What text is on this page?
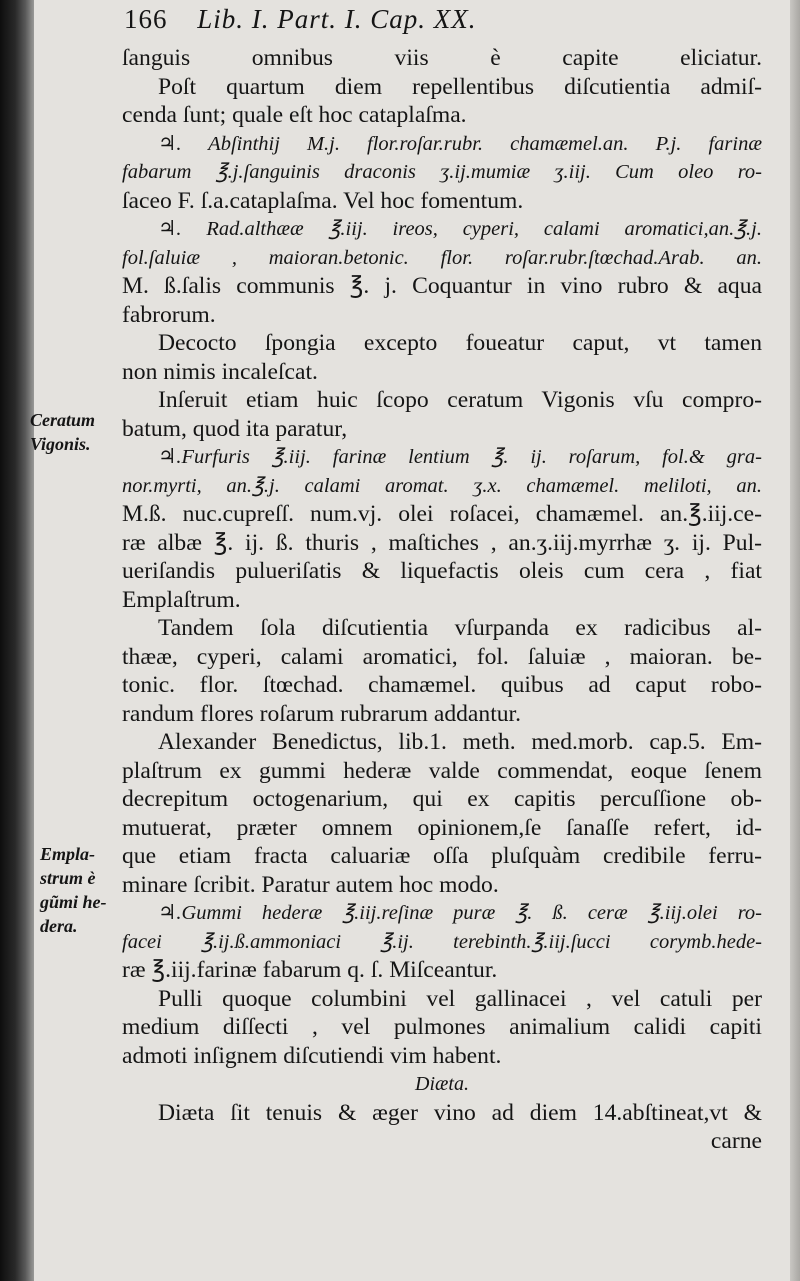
166 Lib. I. Part. I. Cap. XX.
Ceratum
Vigonis.
Empla-
strum è
gũmi he-
dera.
ſanguis omnibus viis è capite eliciatur.
Poſt quartum diem repellentibus diſcutientia admiſ-
cenda ſunt; quale eſt hoc cataplaſma.
♃. Abſinthij M.j. flor.roſar.rubr. chamæmel.an. P.j. farinæ
fabarum ℥.j.ſanguinis draconis ʒ.ij.mumiæ ʒ.iij. Cum oleo ro-
ſaceo F. ſ.a.cataplaſma. Vel hoc fomentum.
♃. Rad.althææ ℥.iij. ireos, cyperi, calami aromatici,an.℥.j.
fol.ſaluiæ , maioran.betonic. flor. roſar.rubr.ſtœchad.Arab. an.
M. ß.ſalis communis ℥. j. Coquantur in vino rubro & aqua
fabrorum.
Decocto ſpongia excepto foueatur caput, vt tamen
non nimis incaleſcat.
Inſeruit etiam huic ſcopo ceratum Vigonis vſu compro-
batum, quod ita paratur,
♃.Furfuris ℥.iij. farinæ lentium ℥. ij. roſarum, fol.& gra-
nor.myrti, an.℥.j. calami aromat. ʒ.x. chamæmel. meliloti, an.
M.ß. nuc.cupreſſ. num.vj. olei roſacei, chamæmel. an.℥.iij.ce-
ræ albæ ℥. ij. ß. thuris , maſtiches , an.ʒ.iij.myrrhæ ʒ. ij. Pul-
ueriſandis pulueriſatis & liquefactis oleis cum cera , fiat
Emplaſtrum.
Tandem ſola diſcutientia vſurpanda ex radicibus al-
thææ, cyperi, calami aromatici, fol. ſaluiæ , maioran. be-
tonic. flor. ſtœchad. chamæmel. quibus ad caput robo-
randum flores roſarum rubrarum addantur.
Alexander Benedictus, lib.1. meth. med.morb. cap.5. Em-
plaſtrum ex gummi hederæ valde commendat, eoque ſenem
decrepitum octogenarium, qui ex capitis percuſſione ob-
mutuerat, præter omnem opinionem,ſe ſanaſſe refert, id-
que etiam fracta caluariæ oſſa pluſquàm credibile ferru-
minare ſcribit. Paratur autem hoc modo.
♃.Gummi hederæ ℥.iij.reſinæ puræ ℥. ß. ceræ ℥.iij.olei ro-
facei ℥.ij.ß.ammoniaci ℥.ij. terebinth.℥.iij.ſucci corymb.hede-
ræ ℥.iij.farinæ fabarum q. ſ. Miſceantur.
Pulli quoque columbini vel gallinacei , vel catuli per
medium diſſecti , vel pulmones animalium calidi capiti
admoti inſignem diſcutiendi vim habent.
Diæta.
Diæta ſit tenuis & æger vino ad diem 14.abſtineat,vt &
carne
